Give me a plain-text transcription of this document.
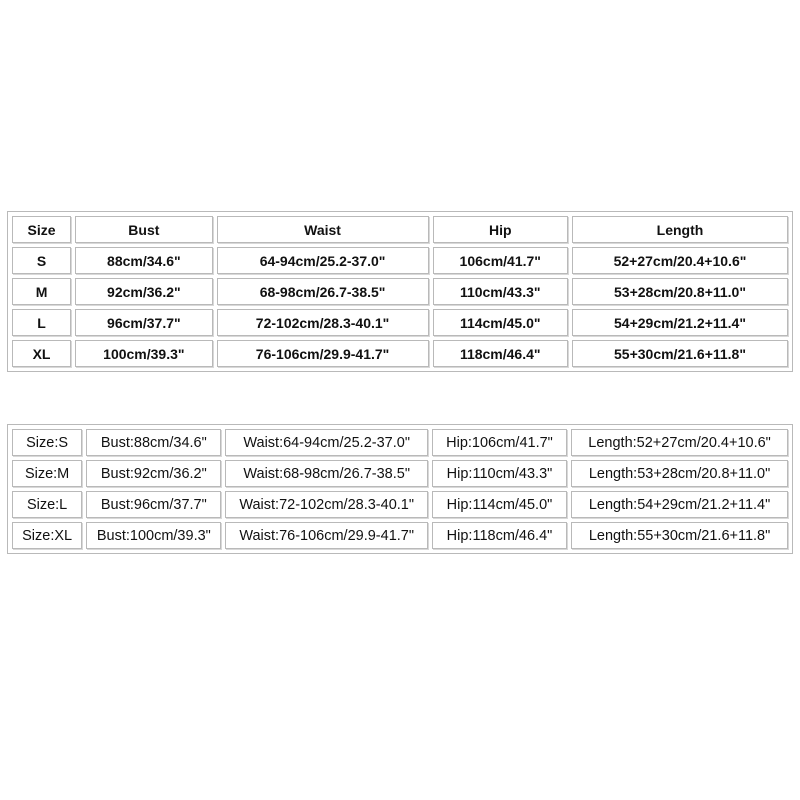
Size	Bust	Waist	Hip	Length
S	88cm/34.6"	64-94cm/25.2-37.0"	106cm/41.7"	52+27cm/20.4+10.6"
M	92cm/36.2"	68-98cm/26.7-38.5"	110cm/43.3"	53+28cm/20.8+11.0"
L	96cm/37.7"	72-102cm/28.3-40.1"	114cm/45.0"	54+29cm/21.2+11.4"
XL	100cm/39.3"	76-106cm/29.9-41.7"	118cm/46.4"	55+30cm/21.6+11.8"
Size:S	Bust:88cm/34.6"	Waist:64-94cm/25.2-37.0"	Hip:106cm/41.7"	Length:52+27cm/20.4+10.6"
Size:M	Bust:92cm/36.2"	Waist:68-98cm/26.7-38.5"	Hip:110cm/43.3"	Length:53+28cm/20.8+11.0"
Size:L	Bust:96cm/37.7"	Waist:72-102cm/28.3-40.1"	Hip:114cm/45.0"	Length:54+29cm/21.2+11.4"
Size:XL	Bust:100cm/39.3"	Waist:76-106cm/29.9-41.7"	Hip:118cm/46.4"	Length:55+30cm/21.6+11.8"
